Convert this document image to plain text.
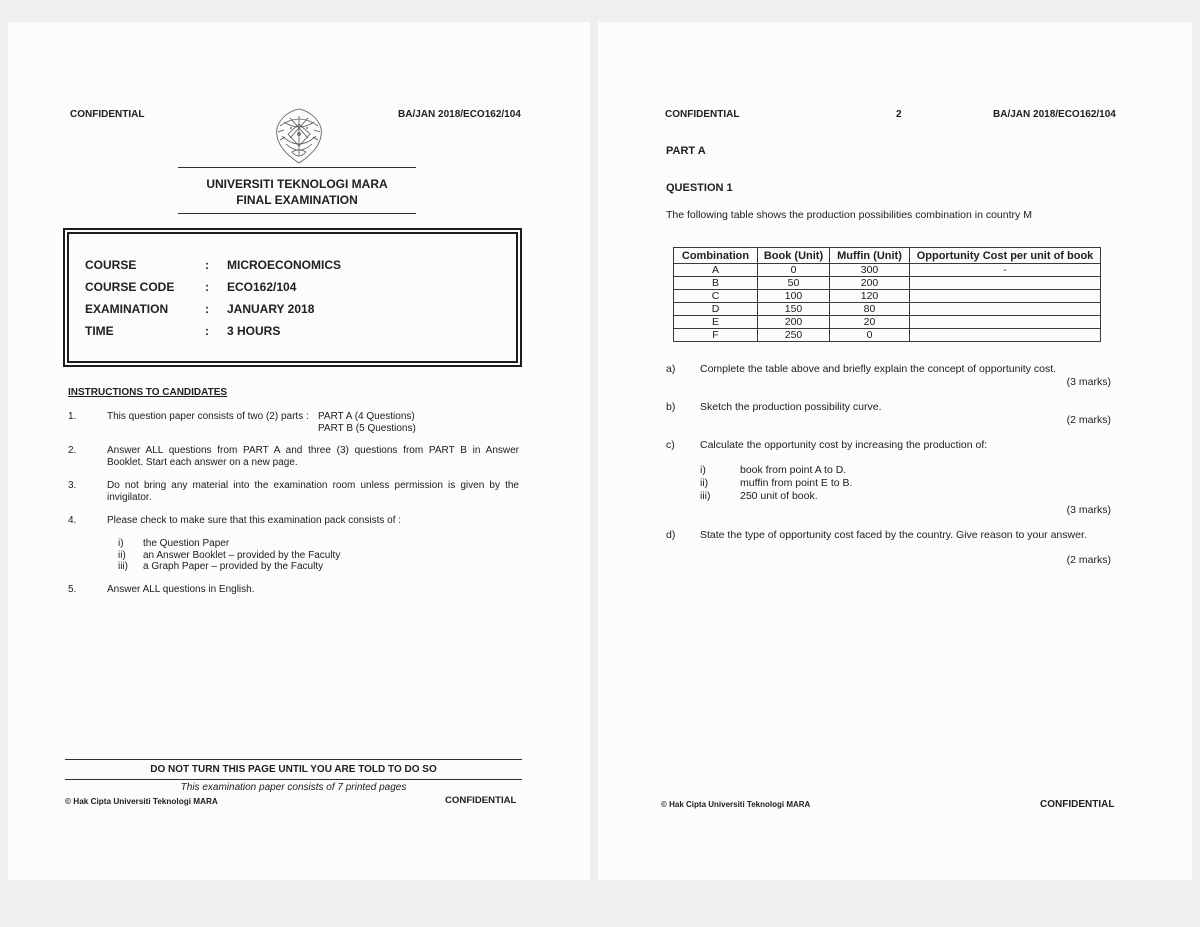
CONFIDENTIAL	BA/JAN 2018/ECO162/104
UNIVERSITI TEKNOLOGI MARA
FINAL EXAMINATION
COURSE	: MICROECONOMICS
COURSE CODE	: ECO162/104
EXAMINATION	: JANUARY 2018
TIME	: 3 HOURS
INSTRUCTIONS TO CANDIDATES
1.	This question paper consists of two (2) parts : PART A (4 Questions)
PART B (5 Questions)
2.	Answer ALL questions from PART A and three (3) questions from PART B in Answer
Booklet. Start each answer on a new page.
3.	Do not bring any material into the examination room unless permission is given by the
invigilator.
4.	Please check to make sure that this examination pack consists of :
i) the Question Paper
ii) an Answer Booklet – provided by the Faculty
iii) a Graph Paper – provided by the Faculty
5.	Answer ALL questions in English.
DO NOT TURN THIS PAGE UNTIL YOU ARE TOLD TO DO SO
This examination paper consists of 7 printed pages
© Hak Cipta Universiti Teknologi MARA	CONFIDENTIAL
CONFIDENTIAL	2	BA/JAN 2018/ECO162/104
PART A
QUESTION 1
The following table shows the production possibilities combination in country M
Combination	Book (Unit)	Muffin (Unit)	Opportunity Cost per unit of book
A	0	300	-
B	50	200	
C	100	120	
D	150	80	
E	200	20	
F	250	0	
a) Complete the table above and briefly explain the concept of opportunity cost.
(3 marks)
b) Sketch the production possibility curve.
(2 marks)
c) Calculate the opportunity cost by increasing the production of:
i)	book from point A to D.
ii)	muffin from point E to B.
iii)	250 unit of book.
(3 marks)
d) State the type of opportunity cost faced by the country. Give reason to your answer.
(2 marks)
© Hak Cipta Universiti Teknologi MARA	CONFIDENTIAL
